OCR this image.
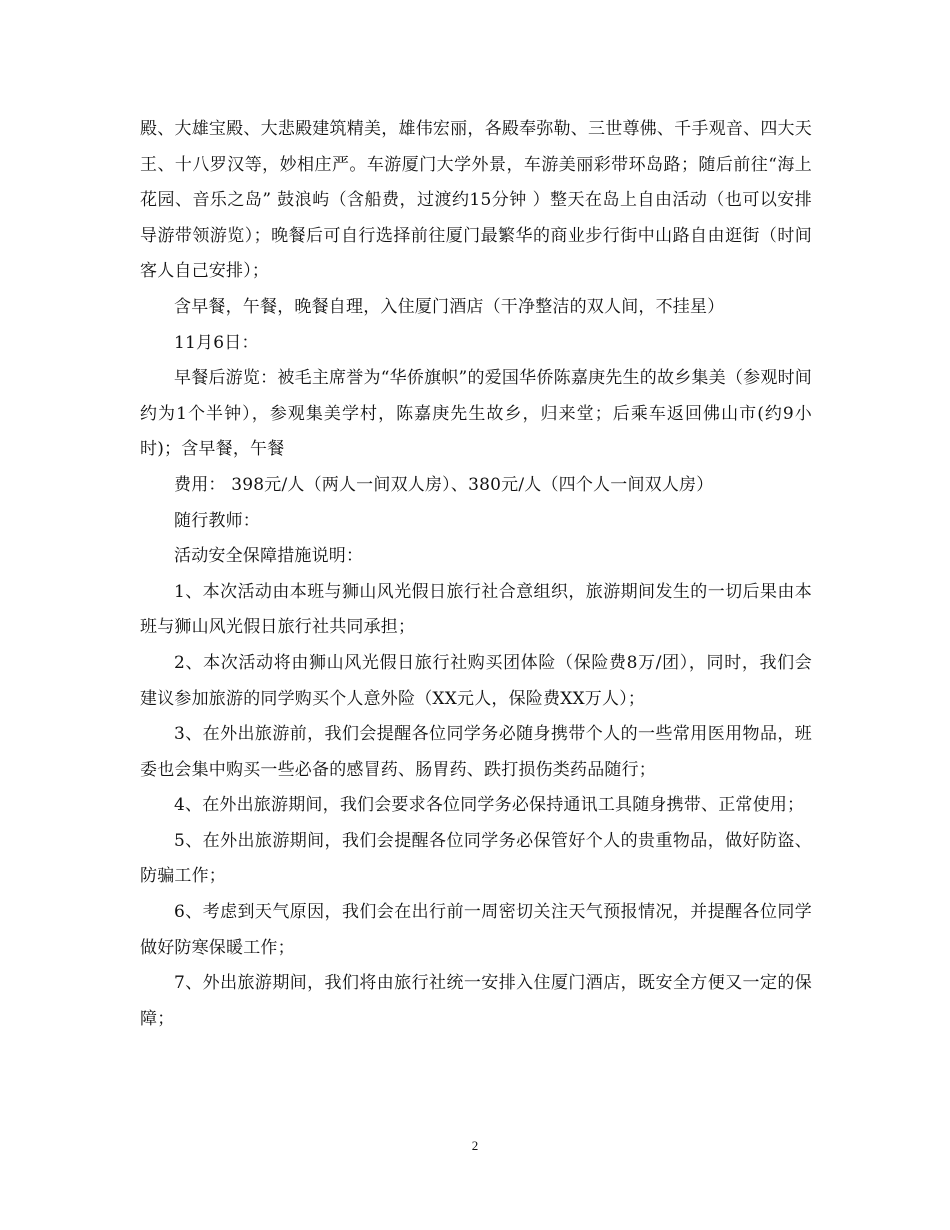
殿、大雄宝殿、大悲殿建筑精美，雄伟宏丽，各殿奉弥勒、三世尊佛、千手观音、四大天王、十八罗汉等，妙相庄严。车游厦门大学外景，车游美丽彩带环岛路；随后前往“海上花园、音乐之岛” 鼓浪屿（含船费，过渡约15分钟 ）整天在岛上自由活动（也可以安排导游带领游览）；晚餐后可自行选择前往厦门最繁华的商业步行街中山路自由逛街（时间客人自己安排）；

含早餐，午餐，晚餐自理，入住厦门酒店（干净整洁的双人间，不挂星）

11月6日：

早餐后游览：被毛主席誉为“华侨旗帜”的爱国华侨陈嘉庚先生的故乡集美（参观时间约为1个半钟），参观集美学村，陈嘉庚先生故乡，归来堂；后乘车返回佛山市(约9小时)；含早餐，午餐

费用： 398元/人（两人一间双人房）、380元/人（四个人一间双人房）

随行教师：

活动安全保障措施说明：

1、本次活动由本班与狮山风光假日旅行社合意组织，旅游期间发生的一切后果由本班与狮山风光假日旅行社共同承担；

2、本次活动将由狮山风光假日旅行社购买团体险（保险费8万/团），同时，我们会建议参加旅游的同学购买个人意外险（XX元人，保险费XX万人）；

3、在外出旅游前，我们会提醒各位同学务必随身携带个人的一些常用医用物品，班委也会集中购买一些必备的感冒药、肠胃药、跌打损伤类药品随行；

4、在外出旅游期间，我们会要求各位同学务必保持通讯工具随身携带、正常使用；

5、在外出旅游期间，我们会提醒各位同学务必保管好个人的贵重物品，做好防盗、防骗工作；

6、考虑到天气原因，我们会在出行前一周密切关注天气预报情况，并提醒各位同学做好防寒保暖工作；

7、外出旅游期间，我们将由旅行社统一安排入住厦门酒店，既安全方便又一定的保障；

2
